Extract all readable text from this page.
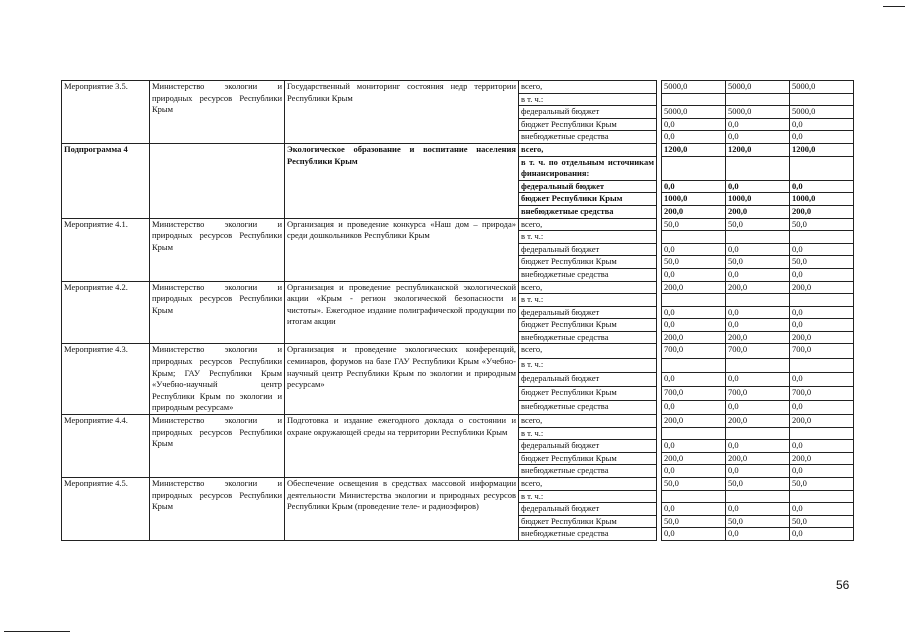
Мероприятие 3.5.	Министерство экологии и природных ресурсов Республики Крым	Государственный мониторинг состояния недр территории Республики Крым	всего,		5000,0	5000,0	5000,0
			в т. ч.:				
			федеральный бюджет		5000,0	5000,0	5000,0
			бюджет Республики Крым		0,0	0,0	0,0
			внебюджетные средства		0,0	0,0	0,0
Подпрограмма 4		Экологическое образование и воспитание населения Республики Крым	всего,		1200,0	1200,0	1200,0
			в т. ч. по отдельным источникам финансирования:				
			федеральный бюджет		0,0	0,0	0,0
			бюджет Республики Крым		1000,0	1000,0	1000,0
			внебюджетные средства		200,0	200,0	200,0
Мероприятие 4.1.	Министерство экологии и природных ресурсов Республики Крым	Организация и проведение конкурса «Наш дом – природа» среди дошкольников Республики Крым	всего,		50,0	50,0	50,0
			в т. ч.:				
			федеральный бюджет		0,0	0,0	0,0
			бюджет Республики Крым		50,0	50,0	50,0
			внебюджетные средства		0,0	0,0	0,0
Мероприятие 4.2.	Министерство экологии и природных ресурсов Республики Крым	Организация и проведение республиканской экологической акции «Крым - регион экологической безопасности и чистоты». Ежегодное издание полиграфической продукции по итогам акции	всего,		200,0	200,0	200,0
			в т. ч.:				
			федеральный бюджет		0,0	0,0	0,0
			бюджет Республики Крым		0,0	0,0	0,0
			внебюджетные средства		200,0	200,0	200,0
Мероприятие 4.3.	Министерство экологии и природных ресурсов Республики Крым; ГАУ Республики Крым «Учебно-научный центр Республики Крым по экологии и природным ресурсам»	Организация и проведение экологических конференций, семинаров, форумов на базе ГАУ Республики Крым «Учебно-научный центр Республики Крым по экологии и природным ресурсам»	всего,		700,0	700,0	700,0
			в т. ч.:				
			федеральный бюджет		0,0	0,0	0,0
			бюджет Республики Крым		700,0	700,0	700,0
			внебюджетные средства		0,0	0,0	0,0
Мероприятие 4.4.	Министерство экологии и природных ресурсов Республики Крым	Подготовка и издание ежегодного доклада о состоянии и охране окружающей среды на территории Республики Крым	всего,		200,0	200,0	200,0
			в т. ч.:				
			федеральный бюджет		0,0	0,0	0,0
			бюджет Республики Крым		200,0	200,0	200,0
			внебюджетные средства		0,0	0,0	0,0
Мероприятие 4.5.	Министерство экологии и природных ресурсов Республики Крым	Обеспечение освещения в средствах массовой информации деятельности Министерства экологии и природных ресурсов Республики Крым (проведение теле- и радиоэфиров)	всего,		50,0	50,0	50,0
			в т. ч.:				
			федеральный бюджет		0,0	0,0	0,0
			бюджет Республики Крым		50,0	50,0	50,0
			внебюджетные средства		0,0	0,0	0,0
56
